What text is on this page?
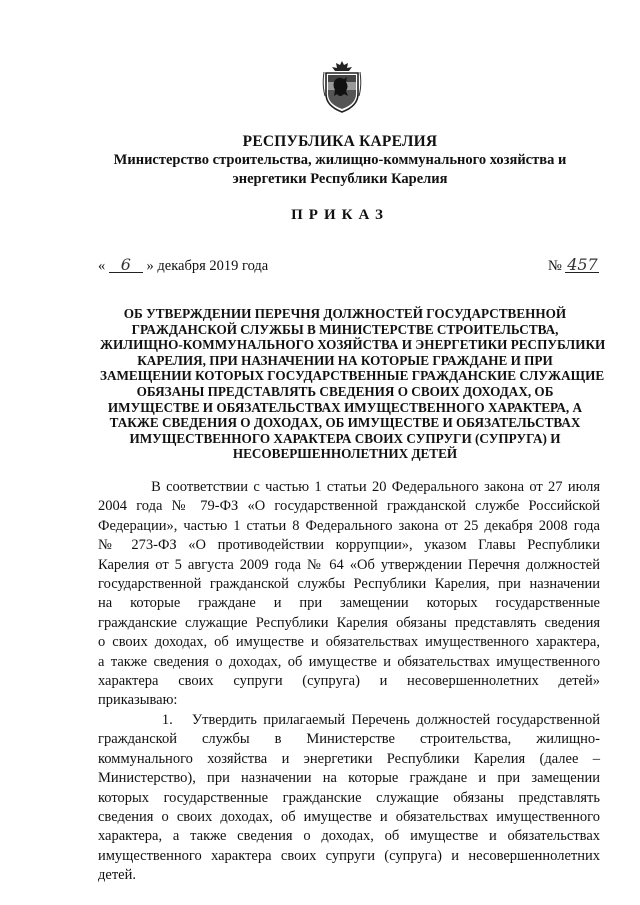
РЕСПУБЛИКА КАРЕЛИЯ
Министерство строительства, жилищно-коммунального хозяйства и
энергетики Республики Карелия
ПРИКАЗ
« 6 » декабря 2019 года	№ 457
ОБ УТВЕРЖДЕНИИ ПЕРЕЧНЯ ДОЛЖНОСТЕЙ ГОСУДАРСТВЕННОЙ
ГРАЖДАНСКОЙ СЛУЖБЫ В МИНИСТЕРСТВЕ СТРОИТЕЛЬСТВА,
ЖИЛИЩНО-КОММУНАЛЬНОГО ХОЗЯЙСТВА И ЭНЕРГЕТИКИ РЕСПУБЛИКИ
КАРЕЛИЯ, ПРИ НАЗНАЧЕНИИ НА КОТОРЫЕ ГРАЖДАНЕ И ПРИ
ЗАМЕЩЕНИИ КОТОРЫХ ГОСУДАРСТВЕННЫЕ ГРАЖДАНСКИЕ СЛУЖАЩИЕ
ОБЯЗАНЫ ПРЕДСТАВЛЯТЬ СВЕДЕНИЯ О СВОИХ ДОХОДАХ, ОБ
ИМУЩЕСТВЕ И ОБЯЗАТЕЛЬСТВАХ ИМУЩЕСТВЕННОГО ХАРАКТЕРА, А
ТАКЖЕ СВЕДЕНИЯ О ДОХОДАХ, ОБ ИМУЩЕСТВЕ И ОБЯЗАТЕЛЬСТВАХ
ИМУЩЕСТВЕННОГО ХАРАКТЕРА СВОИХ СУПРУГИ (СУПРУГА) И
НЕСОВЕРШЕННОЛЕТНИХ ДЕТЕЙ
В соответствии с частью 1 статьи 20 Федерального закона от 27 июля
2004 года № 79-ФЗ «О государственной гражданской службе Российской
Федерации», частью 1 статьи 8 Федерального закона от 25 декабря 2008 года
№ 273-ФЗ «О противодействии коррупции», указом Главы Республики
Карелия от 5 августа 2009 года № 64 «Об утверждении Перечня должностей
государственной гражданской службы Республики Карелия, при назначении
на которые граждане и при замещении которых государственные
гражданские служащие Республики Карелия обязаны представлять сведения
о своих доходах, об имуществе и обязательствах имущественного характера,
а также сведения о доходах, об имуществе и обязательствах имущественного
характера своих супруги (супруга) и несовершеннолетних детей»
приказываю:
1.   Утвердить прилагаемый Перечень должностей государственной
гражданской службы в Министерстве строительства, жилищно-
коммунального хозяйства и энергетики Республики Карелия (далее –
Министерство), при назначении на которые граждане и при замещении
которых государственные гражданские служащие обязаны представлять
сведения о своих доходах, об имуществе и обязательствах имущественного
характера, а также сведения о доходах, об имуществе и обязательствах
имущественного характера своих супруги (супруга) и несовершеннолетних
детей.
